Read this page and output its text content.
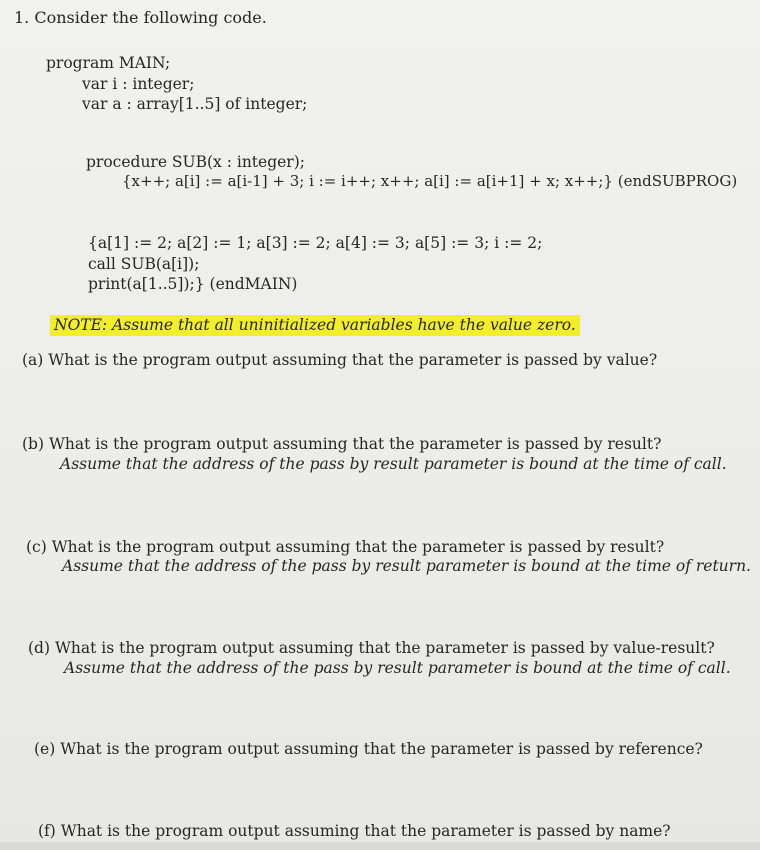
1. Consider the following code.
program MAIN;
var i : integer;
var a : array[1..5] of integer;
procedure SUB(x : integer);
{x++; a[i] := a[i-1] + 3; i := i++; x++; a[i] := a[i+1] + x; x++;} (endSUBPROG)
{a[1] := 2; a[2] := 1; a[3] := 2; a[4] := 3; a[5] := 3; i := 2;
call SUB(a[i]);
print(a[1..5]);} (endMAIN)
NOTE: Assume that all uninitialized variables have the value zero.
(a) What is the program output assuming that the parameter is passed by value?
(b) What is the program output assuming that the parameter is passed by result?
Assume that the address of the pass by result parameter is bound at the time of call.
(c) What is the program output assuming that the parameter is passed by result?
Assume that the address of the pass by result parameter is bound at the time of return.
(d) What is the program output assuming that the parameter is passed by value-result?
Assume that the address of the pass by result parameter is bound at the time of call.
(e) What is the program output assuming that the parameter is passed by reference?
(f) What is the program output assuming that the parameter is passed by name?
